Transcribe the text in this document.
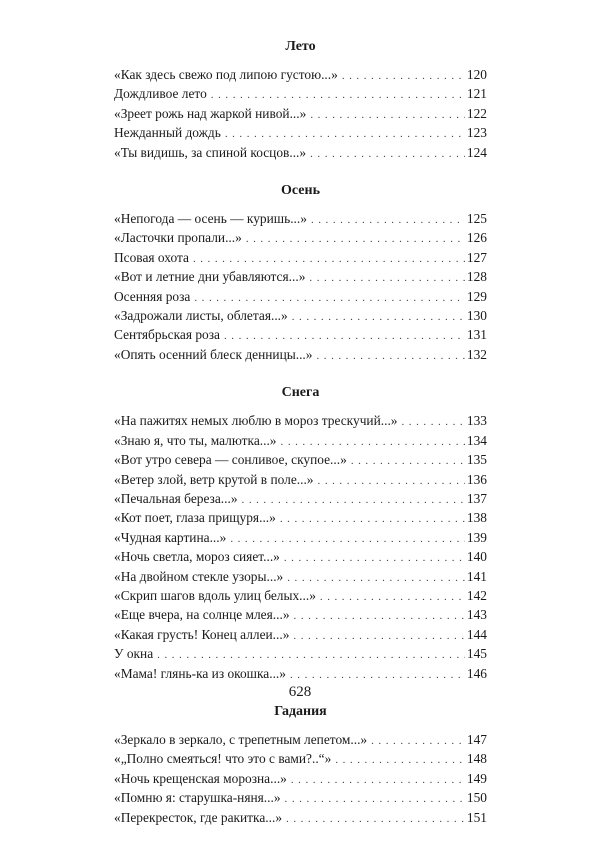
Лето
«Как здесь свежо под липою густою...» . . .	120
Дождливое лето . . .	121
«Зреет рожь над жаркой нивой...» . . .	122
Нежданный дождь . . .	123
«Ты видишь, за спиной косцов...» . . .	124
Осень
«Непогода — осень — куришь...» . . .	125
«Ласточки пропали...» . . .	126
Псовая охота . . .	127
«Вот и летние дни убавляются...» . . .	128
Осенняя роза . . .	129
«Задрожали листы, облетая...» . . .	130
Сентябрьская роза . . .	131
«Опять осенний блеск денницы...» . . .	132
Снега
«На пажитях немых люблю в мороз трескучий...» . . .	133
«Знаю я, что ты, малютка...» . . .	134
«Вот утро севера — сонливое, скупое...» . . .	135
«Ветер злой, ветр крутой в поле...» . . .	136
«Печальная береза...» . . .	137
«Кот поет, глаза прищуря...» . . .	138
«Чудная картина...» . . .	139
«Ночь светла, мороз сияет...» . . .	140
«На двойном стекле узоры...» . . .	141
«Скрип шагов вдоль улиц белых...» . . .	142
«Еще вчера, на солнце млея...» . . .	143
«Какая грусть! Конец аллеи...» . . .	144
У окна . . .	145
«Мама! глянь-ка из окошка...» . . .	146
Гадания
«Зеркало в зеркало, с трепетным лепетом...» . . .	147
«„Полно смеяться! что это с вами?..“» . . .	148
«Ночь крещенская морозна...» . . .	149
«Помню я: старушка-няня...» . . .	150
«Перекресток, где ракитка...» . . .	151
628
